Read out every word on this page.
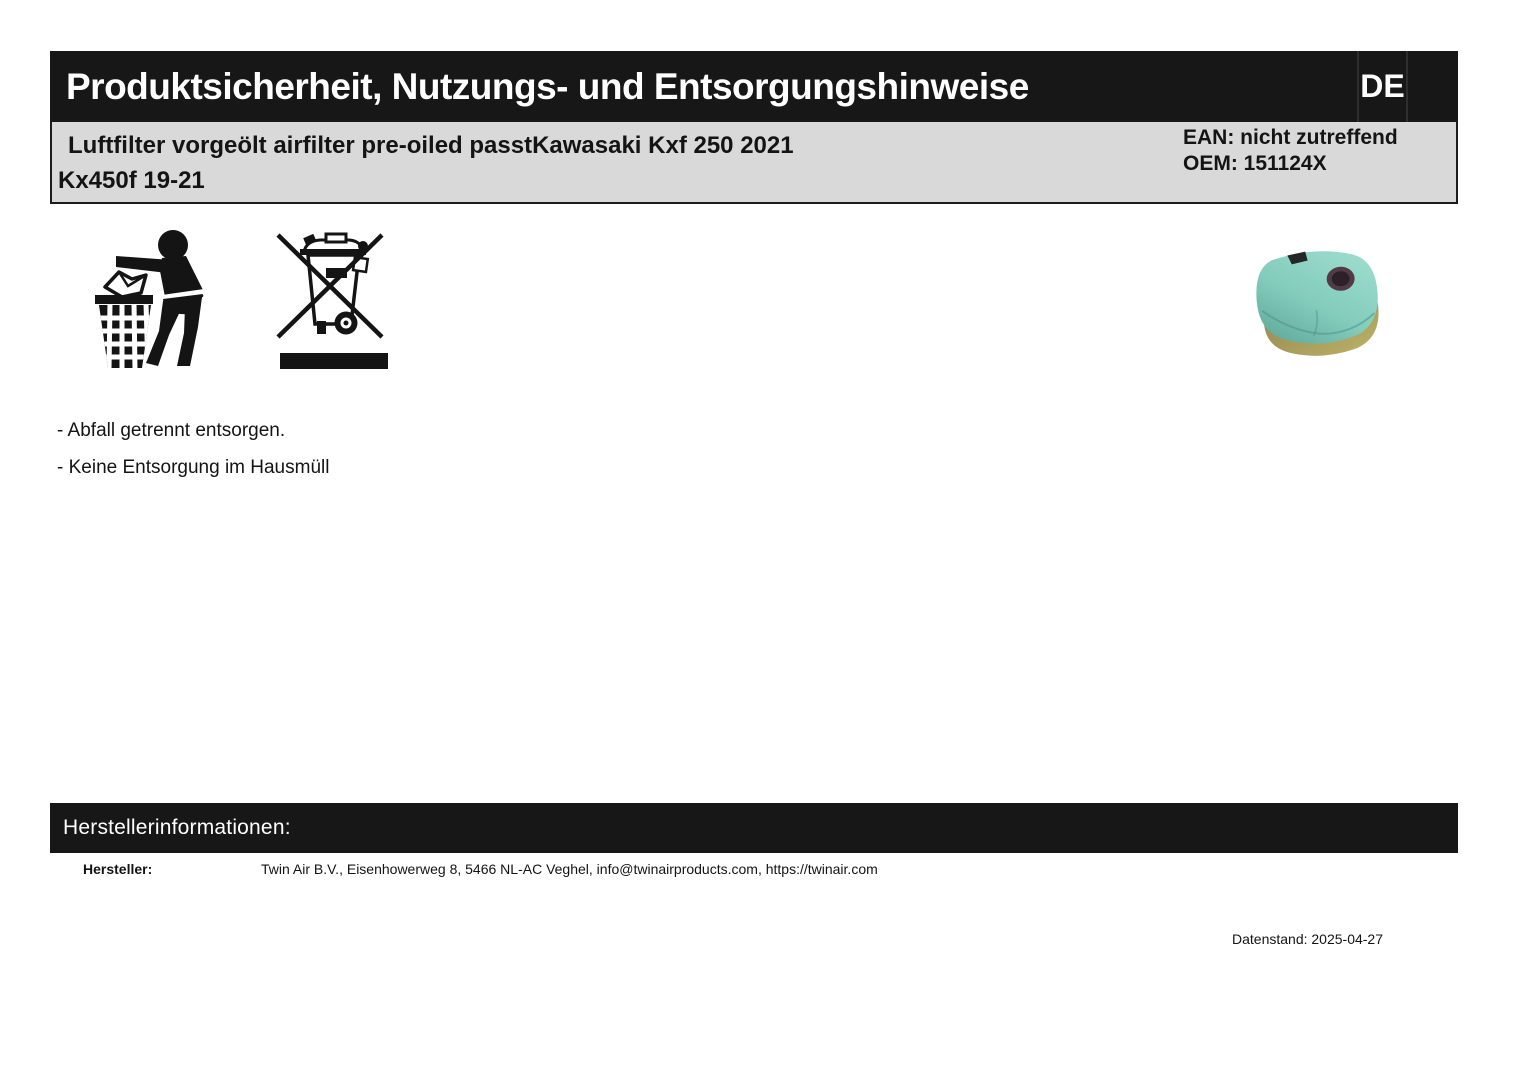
Produktsicherheit, Nutzungs- und Entsorgungshinweise	DE
Luftfilter vorgeölt airfilter pre-oiled passtKawasaki Kxf 250 2021
Kx450f 19-21
EAN: nicht zutreffend
OEM: 151124X
- Abfall getrennt entsorgen.
- Keine Entsorgung im Hausmüll
Herstellerinformationen:
Hersteller:	Twin Air B.V., Eisenhowerweg 8, 5466 NL-AC Veghel, info@twinairproducts.com, https://twinair.com
Datenstand: 2025-04-27
